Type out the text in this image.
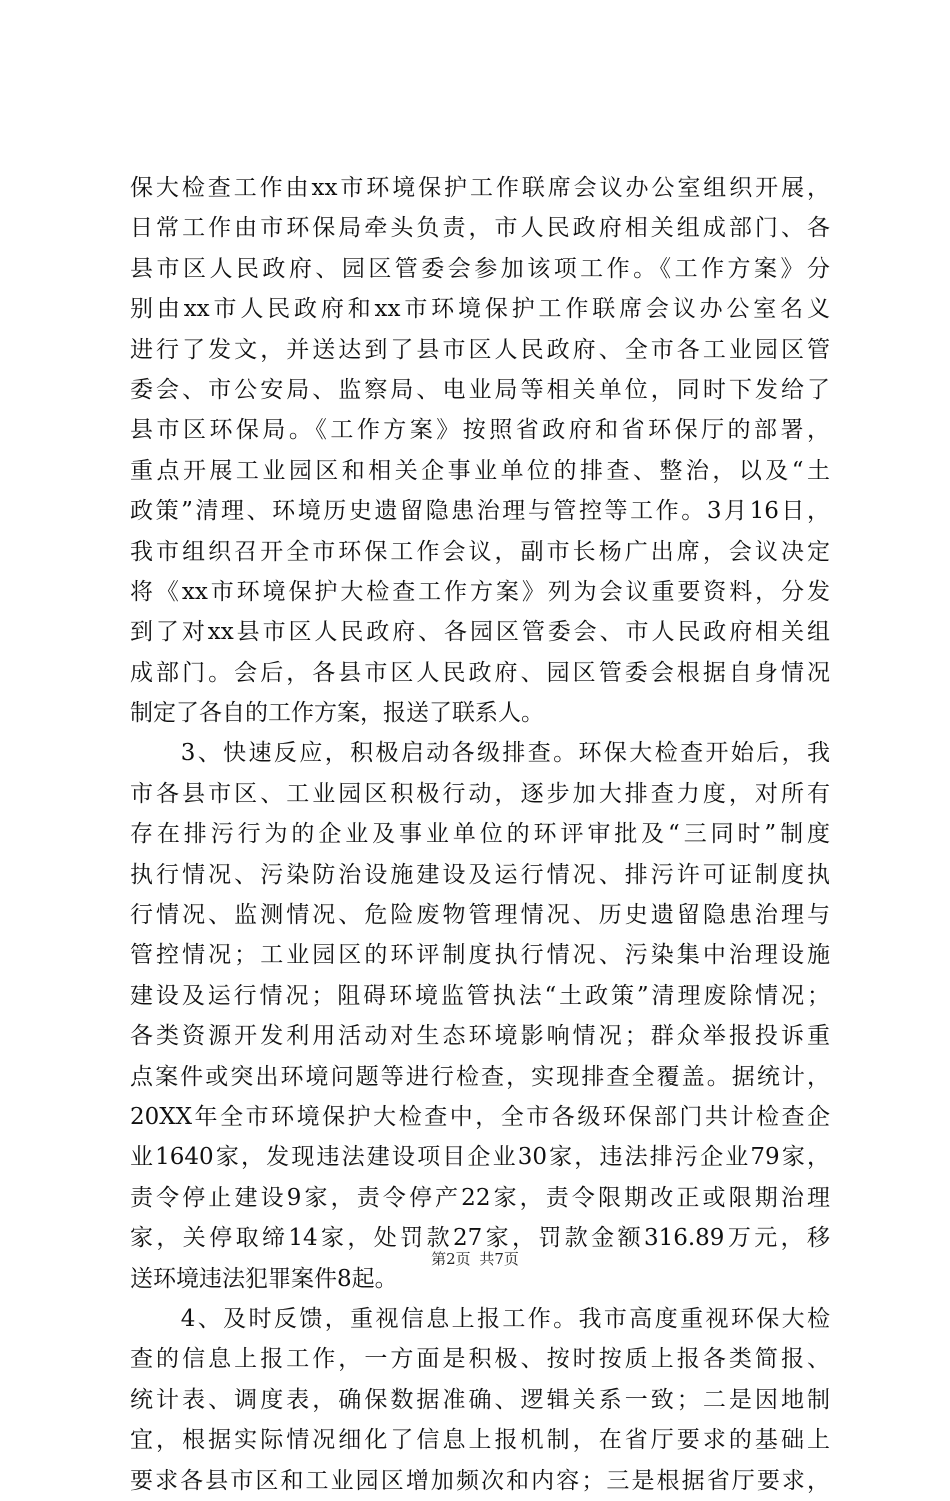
保大检查工作由xx市环境保护工作联席会议办公室组织开展，
日常工作由市环保局牵头负责，市人民政府相关组成部门、各
县市区人民政府、园区管委会参加该项工作。《工作方案》分
别由xx市人民政府和xx市环境保护工作联席会议办公室名义
进行了发文，并送达到了县市区人民政府、全市各工业园区管
委会、市公安局、监察局、电业局等相关单位，同时下发给了
县市区环保局。《工作方案》按照省政府和省环保厅的部署，
重点开展工业园区和相关企事业单位的排查、整治，以及“土
政策”清理、环境历史遗留隐患治理与管控等工作。3月16日，
我市组织召开全市环保工作会议，副市长杨广出席，会议决定
将《xx市环境保护大检查工作方案》列为会议重要资料，分发
到了对xx县市区人民政府、各园区管委会、市人民政府相关组
成部门。会后，各县市区人民政府、园区管委会根据自身情况
制定了各自的工作方案，报送了联系人。
　　3、快速反应，积极启动各级排查。环保大检查开始后，我
市各县市区、工业园区积极行动，逐步加大排查力度，对所有
存在排污行为的企业及事业单位的环评审批及“三同时”制度
执行情况、污染防治设施建设及运行情况、排污许可证制度执
行情况、监测情况、危险废物管理情况、历史遗留隐患治理与
管控情况；工业园区的环评制度执行情况、污染集中治理设施
建设及运行情况；阻碍环境监管执法“土政策”清理废除情况；
各类资源开发利用活动对生态环境影响情况；群众举报投诉重
点案件或突出环境问题等进行检查，实现排查全覆盖。据统计，
20XX年全市环境保护大检查中，全市各级环保部门共计检查企
业1640家，发现违法建设项目企业30家，违法排污企业79家，
责令停止建设9家，责令停产22家，责令限期改正或限期治理
家，关停取缔14家，处罚款27家，罚款金额316.89万元，移
送环境违法犯罪案件8起。
　　4、及时反馈，重视信息上报工作。我市高度重视环保大检
查的信息上报工作，一方面是积极、按时按质上报各类简报、
统计表、调度表，确保数据准确、逻辑关系一致；二是因地制
宜，根据实际情况细化了信息上报机制，在省厅要求的基础上
要求各县市区和工业园区增加频次和内容；三是根据省厅要求，
第2页 共7页
